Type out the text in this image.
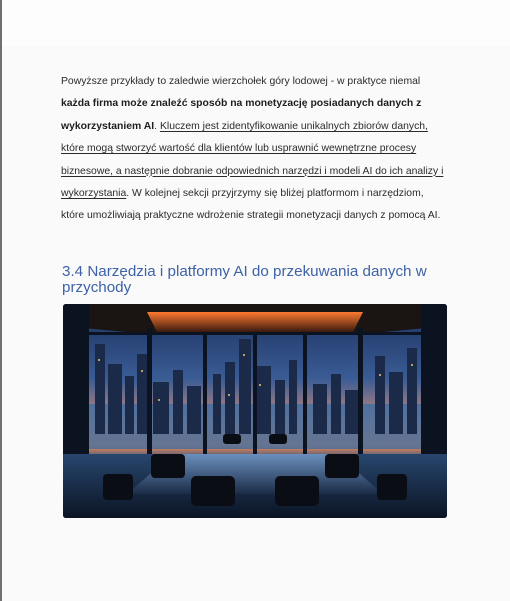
Powyższe przykłady to zaledwie wierzchołek góry lodowej - w praktyce niemal każda firma może znaleźć sposób na monetyzację posiadanych danych z wykorzystaniem AI. Kluczem jest zidentyfikowanie unikalnych zbiorów danych, które mogą stworzyć wartość dla klientów lub usprawnić wewnętrzne procesy biznesowe, a następnie dobranie odpowiednich narzędzi i modeli AI do ich analizy i wykorzystania. W kolejnej sekcji przyjrzymy się bliżej platformom i narzędziom, które umożliwiają praktyczne wdrożenie strategii monetyzacji danych z pomocą AI.
3.4 Narzędzia i platformy AI do przekuwania danych w przychody
